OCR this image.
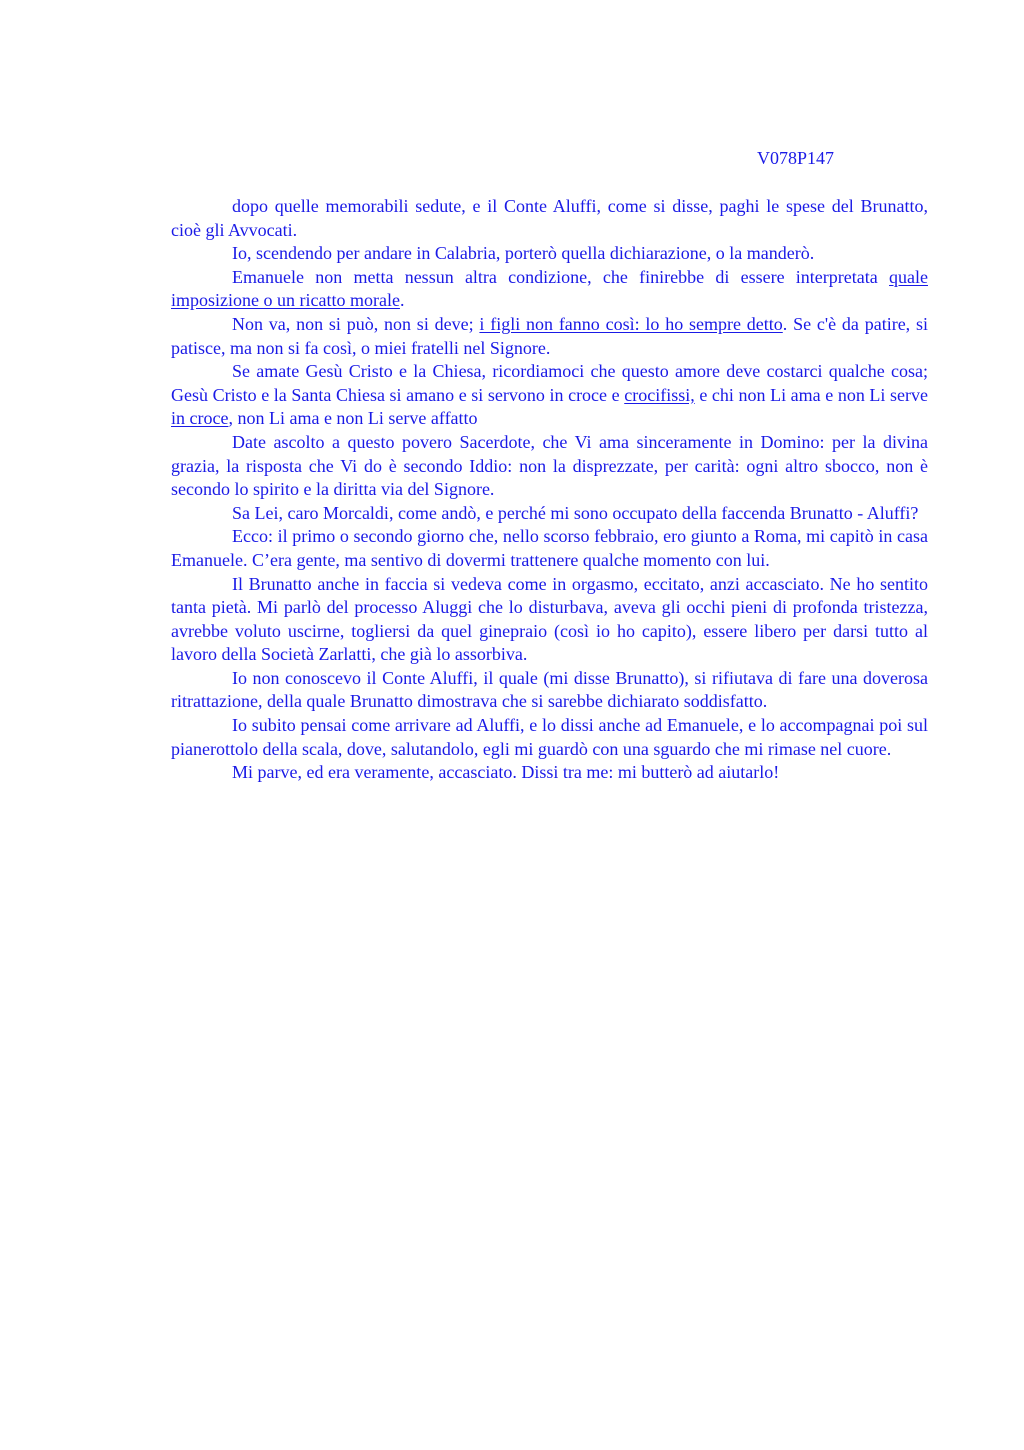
V078P147

dopo quelle memorabili sedute, e il Conte Aluffi, come si disse, paghi le spese del Brunatto, cioè gli Avvocati.

Io, scendendo per andare in Calabria, porterò quella dichiarazione, o la manderò.

Emanuele non metta nessun altra condizione, che finirebbe di essere interpretata quale imposizione o un ricatto morale.

Non va, non si può, non si deve; i figli non fanno così: lo ho sempre detto. Se c'è da patire, si patisce, ma non si fa così, o miei fratelli nel Signore.

Se amate Gesù Cristo e la Chiesa, ricordiamoci che questo amore deve costarci qualche cosa; Gesù Cristo e la Santa Chiesa si amano e si servono in croce e crocifissi, e chi non Li ama e non Li serve in croce, non Li ama e non Li serve affatto

Date ascolto a questo povero Sacerdote, che Vi ama sinceramente in Domino: per la divina grazia, la risposta che Vi do è secondo Iddio: non la disprezzate, per carità: ogni altro sbocco, non è secondo lo spirito e la diritta via del Signore.

Sa Lei, caro Morcaldi, come andò, e perché mi sono occupato della faccenda Brunatto - Aluffi?

Ecco: il primo o secondo giorno che, nello scorso febbraio, ero giunto a Roma, mi capitò in casa Emanuele. C’era gente, ma sentivo di dovermi trattenere qualche momento con lui.

Il Brunatto anche in faccia si vedeva come in orgasmo, eccitato, anzi accasciato. Ne ho sentito tanta pietà. Mi parlò del processo Aluggi che lo disturbava, aveva gli occhi pieni di profonda tristezza, avrebbe voluto uscirne, togliersi da quel ginepraio (così io ho capito), essere libero per darsi tutto al lavoro della Società Zarlatti, che già lo assorbiva.

Io non conoscevo il Conte Aluffi, il quale (mi disse Brunatto), si rifiutava di fare una doverosa ritrattazione, della quale Brunatto dimostrava che si sarebbe dichiarato soddisfatto.

Io subito pensai come arrivare ad Aluffi, e lo dissi anche ad Emanuele, e lo accompagnai poi sul pianerottolo della scala, dove, salutandolo, egli mi guardò con una sguardo che mi rimase nel cuore.

Mi parve, ed era veramente, accasciato. Dissi tra me: mi butterò ad aiutarlo!
